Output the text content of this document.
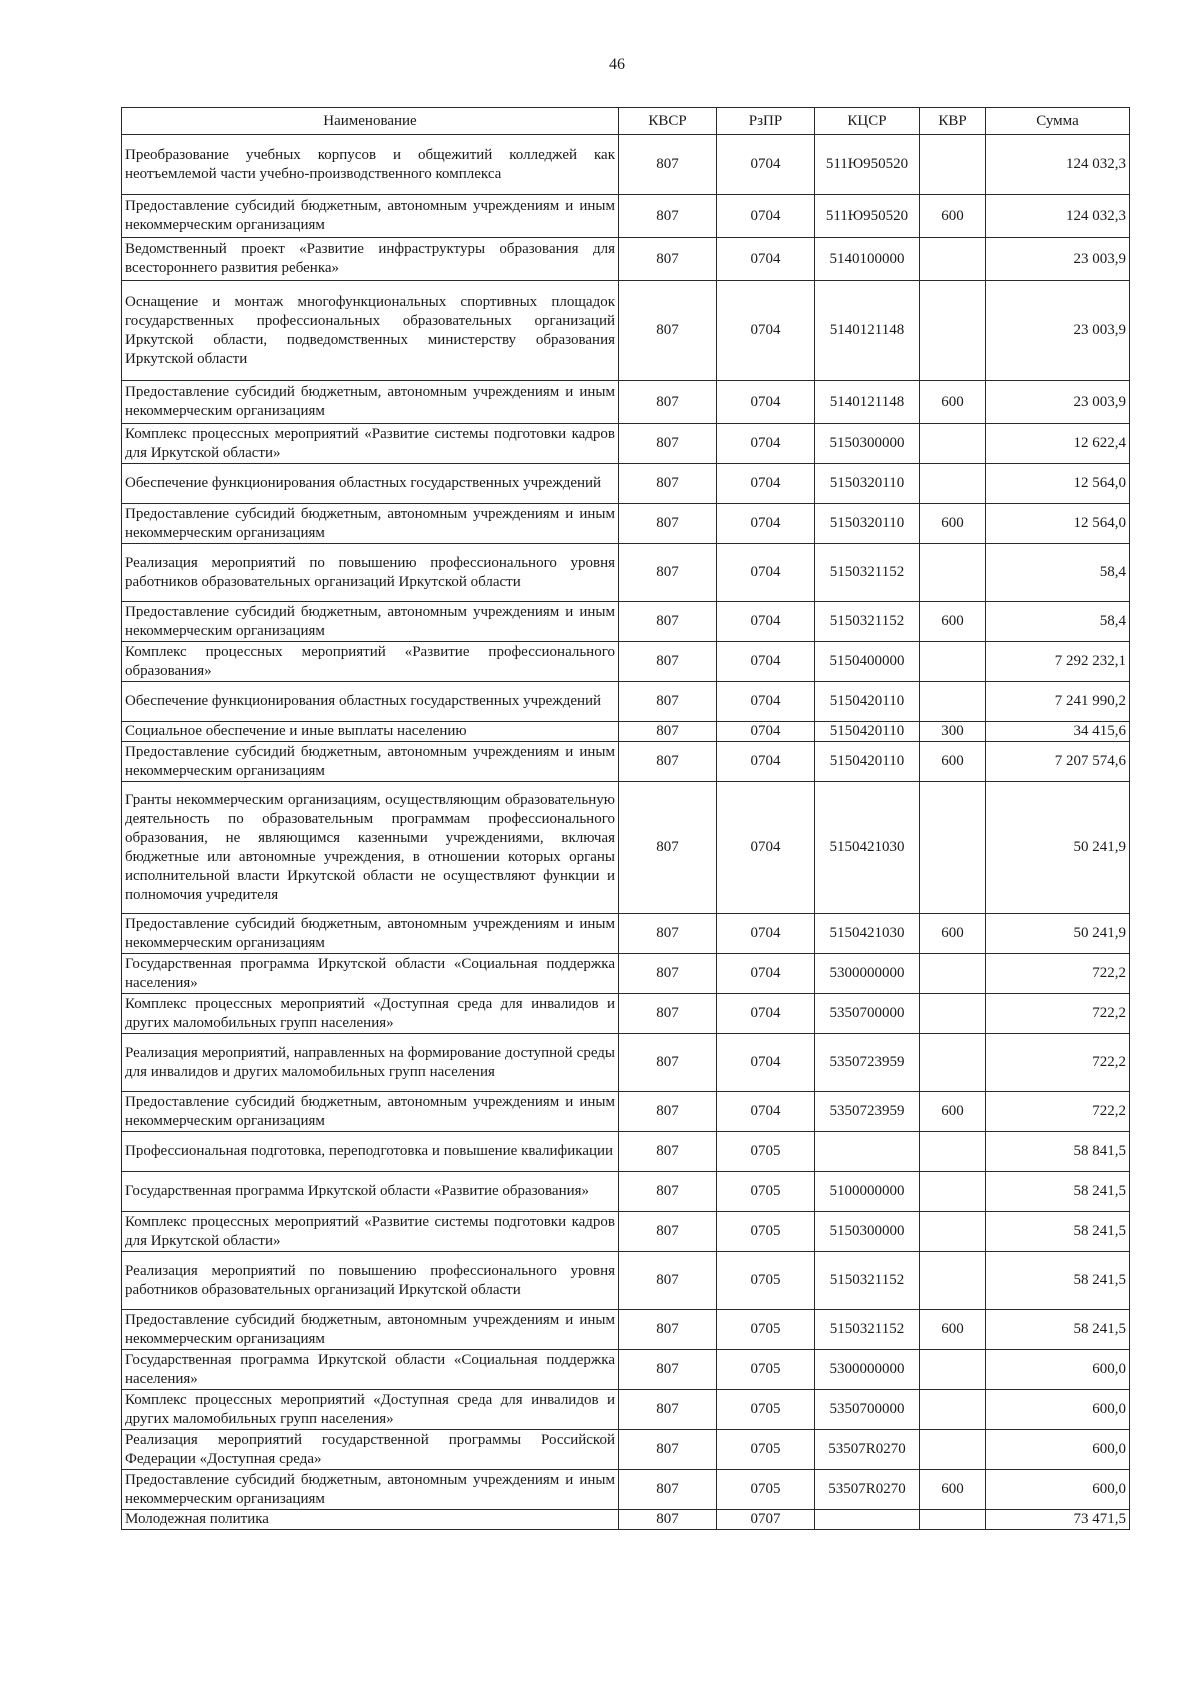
46
Наименование	КВСР	РзПР	КЦСР	КВР	Сумма
Преобразование учебных корпусов и общежитий колледжей как неотъемлемой части учебно-производственного комплекса	807	0704	511Ю950520		124 032,3
Предоставление субсидий бюджетным, автономным учреждениям и иным некоммерческим организациям	807	0704	511Ю950520	600	124 032,3
Ведомственный проект «Развитие инфраструктуры образования для всестороннего развития ребенка»	807	0704	5140100000		23 003,9
Оснащение и монтаж многофункциональных спортивных площадок государственных профессиональных образовательных организаций Иркутской области, подведомственных министерству образования Иркутской области	807	0704	5140121148		23 003,9
Предоставление субсидий бюджетным, автономным учреждениям и иным некоммерческим организациям	807	0704	5140121148	600	23 003,9
Комплекс процессных мероприятий «Развитие системы подготовки кадров для Иркутской области»	807	0704	5150300000		12 622,4
Обеспечение функционирования областных государственных учреждений	807	0704	5150320110		12 564,0
Предоставление субсидий бюджетным, автономным учреждениям и иным некоммерческим организациям	807	0704	5150320110	600	12 564,0
Реализация мероприятий по повышению профессионального уровня работников образовательных организаций Иркутской области	807	0704	5150321152		58,4
Предоставление субсидий бюджетным, автономным учреждениям и иным некоммерческим организациям	807	0704	5150321152	600	58,4
Комплекс процессных мероприятий «Развитие профессионального образования»	807	0704	5150400000		7 292 232,1
Обеспечение функционирования областных государственных учреждений	807	0704	5150420110		7 241 990,2
Социальное обеспечение и иные выплаты населению	807	0704	5150420110	300	34 415,6
Предоставление субсидий бюджетным, автономным учреждениям и иным некоммерческим организациям	807	0704	5150420110	600	7 207 574,6
Гранты некоммерческим организациям, осуществляющим образовательную деятельность по образовательным программам профессионального образования, не являющимся казенными учреждениями, включая бюджетные или автономные учреждения, в отношении которых органы исполнительной власти Иркутской области не осуществляют функции и полномочия учредителя	807	0704	5150421030		50 241,9
Предоставление субсидий бюджетным, автономным учреждениям и иным некоммерческим организациям	807	0704	5150421030	600	50 241,9
Государственная программа Иркутской области «Социальная поддержка населения»	807	0704	5300000000		722,2
Комплекс процессных мероприятий «Доступная среда для инвалидов и других маломобильных групп населения»	807	0704	5350700000		722,2
Реализация мероприятий, направленных на формирование доступной среды для инвалидов и других маломобильных групп населения	807	0704	5350723959		722,2
Предоставление субсидий бюджетным, автономным учреждениям и иным некоммерческим организациям	807	0704	5350723959	600	722,2
Профессиональная подготовка, переподготовка и повышение квалификации	807	0705			58 841,5
Государственная программа Иркутской области «Развитие образования»	807	0705	5100000000		58 241,5
Комплекс процессных мероприятий «Развитие системы подготовки кадров для Иркутской области»	807	0705	5150300000		58 241,5
Реализация мероприятий по повышению профессионального уровня работников образовательных организаций Иркутской области	807	0705	5150321152		58 241,5
Предоставление субсидий бюджетным, автономным учреждениям и иным некоммерческим организациям	807	0705	5150321152	600	58 241,5
Государственная программа Иркутской области «Социальная поддержка населения»	807	0705	5300000000		600,0
Комплекс процессных мероприятий «Доступная среда для инвалидов и других маломобильных групп населения»	807	0705	5350700000		600,0
Реализация мероприятий государственной программы Российской Федерации «Доступная среда»	807	0705	53507R0270		600,0
Предоставление субсидий бюджетным, автономным учреждениям и иным некоммерческим организациям	807	0705	53507R0270	600	600,0
Молодежная политика	807	0707			73 471,5
